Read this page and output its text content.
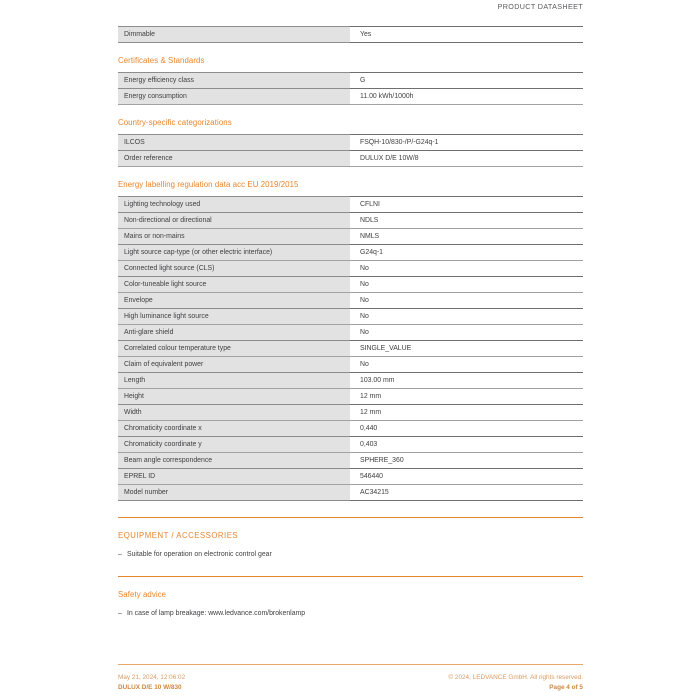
PRODUCT DATASHEET
Dimmable	Yes
Certificates & Standards
Energy efficiency class	G
Energy consumption	11.00 kWh/1000h
Country-specific categorizations
ILCOS	FSQH-10/830-/P/-G24q-1
Order reference	DULUX D/E 10W/8
Energy labelling regulation data acc EU 2019/2015
Lighting technology used	CFLNI
Non-directional or directional	NDLS
Mains or non-mains	NMLS
Light source cap-type (or other electric interface)	G24q-1
Connected light source (CLS)	No
Color-tuneable light source	No
Envelope	No
High luminance light source	No
Anti-glare shield	No
Correlated colour temperature type	SINGLE_VALUE
Claim of equivalent power	No
Length	103.00 mm
Height	12 mm
Width	12 mm
Chromaticity coordinate x	0,440
Chromaticity coordinate y	0,403
Beam angle correspondence	SPHERE_360
EPREL ID	546440
Model number	AC34215
EQUIPMENT / ACCESSORIES
– Suitable for operation on electronic control gear
Safety advice
– In case of lamp breakage: www.ledvance.com/brokenlamp
May 21, 2024, 12:06:02
DULUX D/E 10 W/830
© 2024, LEDVANCE GmbH. All rights reserved.
Page 4 of 5
